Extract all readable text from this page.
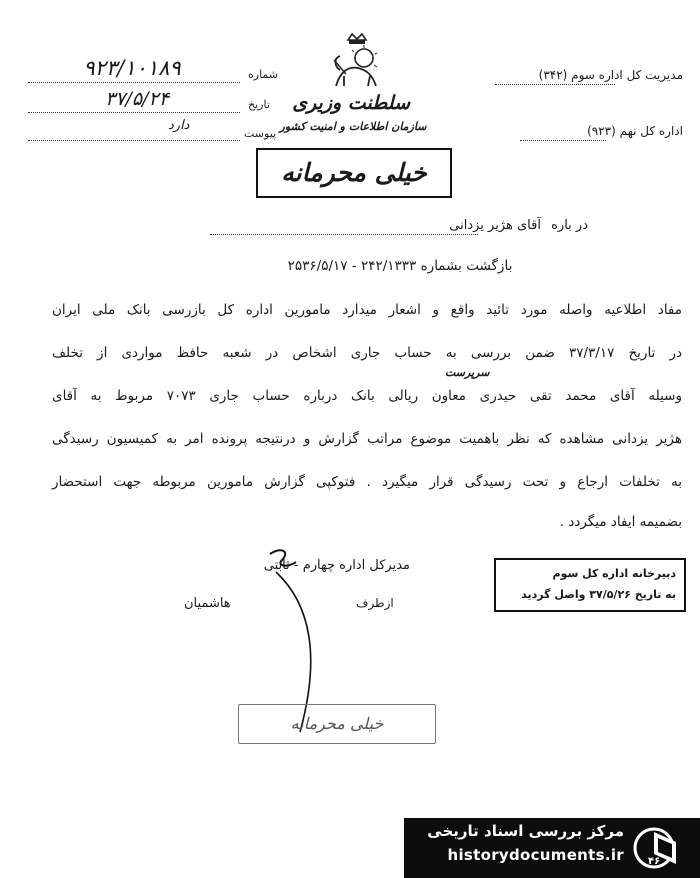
شماره
۹۲۳/۱۰۱۸۹
تاریخ
۳۷/۵/۲۴
پیوست
دارد
سلطنت وزیری
سازمان اطلاعات و امنیت کشور
خیلی محرمانه
مدیریت کل اداره سوم (۳۴۲)
اداره کل نهم (۹۲۳)
در باره آقای هژیر یزدانی
بازگشت بشماره ۲۴۲/۱۳۳۳ - ۲۵۳۶/۵/۱۷
مفاد اطلاعیه واصله مورد تائید واقع و اشعار میدارد مامورین اداره کل بازرسی بانک ملی ایران
در تاریخ ۳۷/۳/۱۷ ضمن بررسی به حساب جاری اشخاص در شعبه حافظ مواردی از تخلف
سرپرست
وسیله آقای محمد تقی حیدری معاون ریالی بانک درباره حساب جاری ۷۰۷۳ مربوط به آقای
هژیر یزدانی مشاهده که نظر باهمیت موضوع مراتب گزارش و درنتیجه پرونده امر به کمیسیون رسیدگی
به تخلفات ارجاع و تحت رسیدگی قرار میگیرد . فتوکپی گزارش مامورین مربوطه جهت استحضار
بضمیمه ایفاد میگردد .
مدیرکل اداره چهارم - ثابتی
ازطرف
هاشمیان
دبیرخانه اداره کل سوم
به تاریخ ۳۷/۵/۲۶ واصل گردید
خیلی محرمانه
مرکز بررسی اسناد تاریخی
historydocuments.ir ۴۶
